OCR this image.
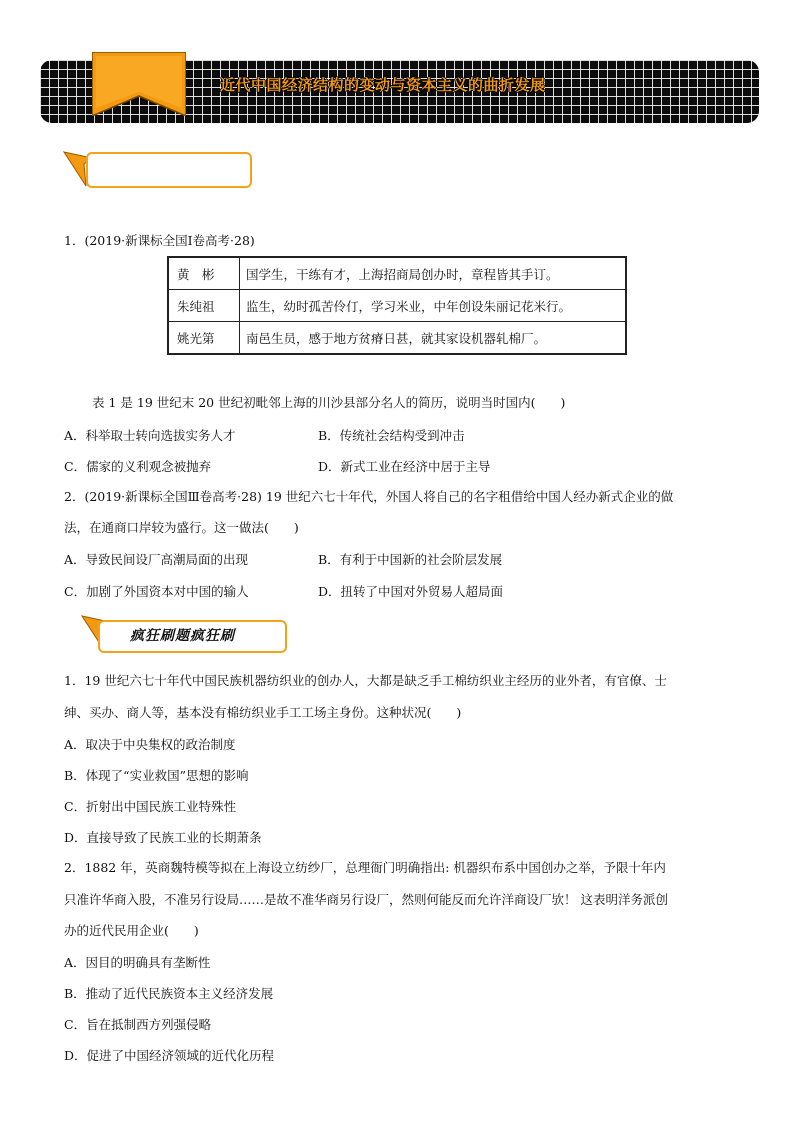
近代中国经济结构的变动与资本主义的曲折发展
1．(2019·新课标全国Ⅰ卷高考·28)
黄　彬	国学生，干练有才，上海招商局创办时，章程皆其手订。
朱纯祖	监生，幼时孤苦伶仃，学习米业，中年创设朱丽记花米行。
姚光第	南邑生员，感于地方贫瘠日甚，就其家设机器轧棉厂。
表 1 是 19 世纪末 20 世纪初毗邻上海的川沙县部分名人的简历，说明当时国内(　　)
A．科举取士转向选拔实务人才	B．传统社会结构受到冲击
C．儒家的义利观念被抛弃	D．新式工业在经济中居于主导
2．(2019·新课标全国Ⅲ卷高考·28) 19 世纪六七十年代，外国人将自己的名字租借给中国人经办新式企业的做
法，在通商口岸较为盛行。这一做法(　　)
A．导致民间设厂高潮局面的出现	B．有利于中国新的社会阶层发展
C．加剧了外国资本对中国的输人	D．扭转了中国对外贸易人超局面
疯狂刷题疯狂刷
1．19 世纪六七十年代中国民族机器纺织业的创办人，大都是缺乏手工棉纺织业主经历的业外者，有官僚、士
绅、买办、商人等，基本没有棉纺织业手工工场主身份。这种状况(　　)
A．取决于中央集权的政治制度
B．体现了“实业救国”思想的影响
C．折射出中国民族工业特殊性
D．直接导致了民族工业的长期萧条
2．1882 年，英商魏特模等拟在上海设立纺纱厂，总理衙门明确指出: 机器织布系中国创办之举，予限十年内
只准许华商入股，不准另行设局……是故不准华商另行设厂，然则何能反而允许洋商设厂欤！ 这表明洋务派创
办的近代民用企业(　　)
A．因目的明确具有垄断性
B．推动了近代民族资本主义经济发展
C．旨在抵制西方列强侵略
D．促进了中国经济领域的近代化历程
